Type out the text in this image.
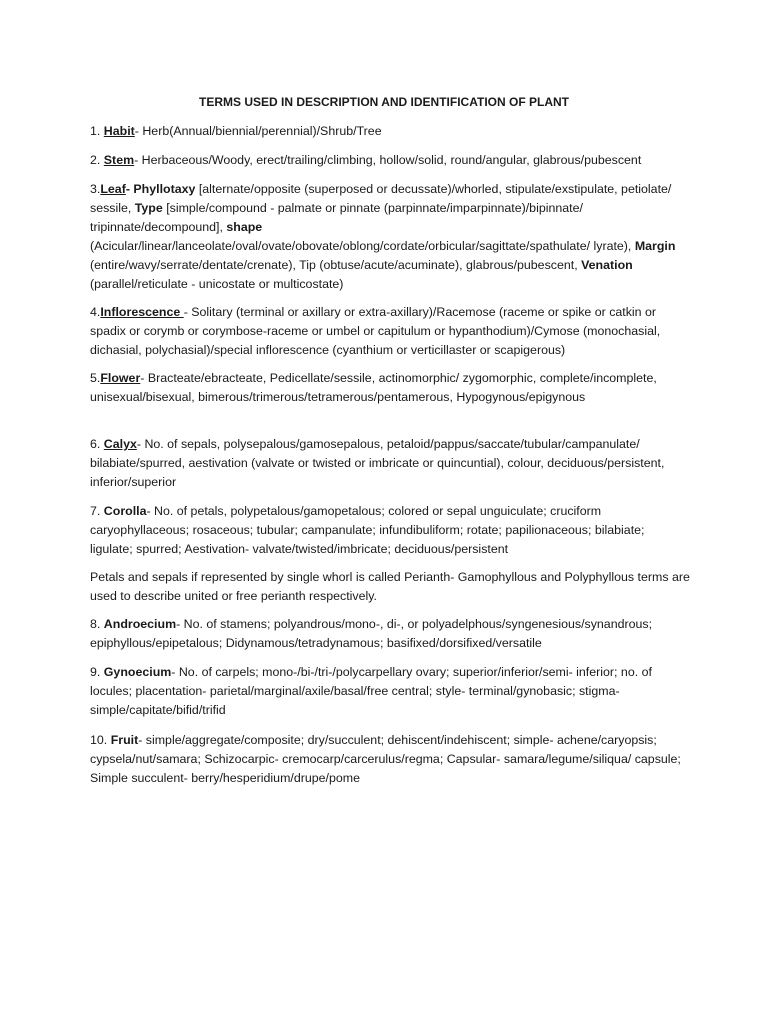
TERMS USED IN DESCRIPTION AND IDENTIFICATION OF PLANT
1. Habit- Herb(Annual/biennial/perennial)/Shrub/Tree
2. Stem- Herbaceous/Woody, erect/trailing/climbing, hollow/solid, round/angular, glabrous/pubescent
3.Leaf- Phyllotaxy [alternate/opposite (superposed or decussate)/whorled, stipulate/exstipulate, petiolate/ sessile, Type [simple/compound - palmate or pinnate (parpinnate/imparpinnate)/bipinnate/ tripinnate/decompound], shape (Acicular/linear/lanceolate/oval/ovate/obovate/oblong/cordate/orbicular/sagittate/spathulate/ lyrate), Margin (entire/wavy/serrate/dentate/crenate), Tip (obtuse/acute/acuminate), glabrous/pubescent, Venation (parallel/reticulate - unicostate or multicostate)
4.Inflorescence - Solitary (terminal or axillary or extra-axillary)/Racemose (raceme or spike or catkin or spadix or corymb or corymbose-raceme or umbel or capitulum or hypanthodium)/Cymose (monochasial, dichasial, polychasial)/special inflorescence (cyanthium or verticillaster or scapigerous)
5.Flower- Bracteate/ebracteate, Pedicellate/sessile, actinomorphic/ zygomorphic, complete/incomplete, unisexual/bisexual, bimerous/trimerous/tetramerous/pentamerous, Hypogynous/epigynous
6. Calyx- No. of sepals, polysepalous/gamosepalous, petaloid/pappus/saccate/tubular/campanulate/ bilabiate/spurred, aestivation (valvate or twisted or imbricate or quincuntial), colour, deciduous/persistent, inferior/superior
7. Corolla- No. of petals, polypetalous/gamopetalous; colored or sepal unguiculate; cruciform caryophyllaceous; rosaceous; tubular; campanulate; infundibuliform; rotate; papilionaceous; bilabiate; ligulate; spurred; Aestivation- valvate/twisted/imbricate; deciduous/persistent
Petals and sepals if represented by single whorl is called Perianth- Gamophyllous and Polyphyllous terms are used to describe united or free perianth respectively.
8. Androecium- No. of stamens; polyandrous/mono-, di-, or polyadelphous/syngenesious/synandrous; epiphyllous/epipetalous; Didynamous/tetradynamous; basifixed/dorsifixed/versatile
9. Gynoecium- No. of carpels; mono-/bi-/tri-/polycarpellary ovary; superior/inferior/semi- inferior; no. of locules; placentation- parietal/marginal/axile/basal/free central; style- terminal/gynobasic; stigma- simple/capitate/bifid/trifid
10. Fruit- simple/aggregate/composite; dry/succulent; dehiscent/indehiscent; simple- achene/caryopsis; cypsela/nut/samara; Schizocarpic- cremocarp/carcerulus/regma; Capsular- samara/legume/siliqua/ capsule; Simple succulent- berry/hesperidium/drupe/pome
